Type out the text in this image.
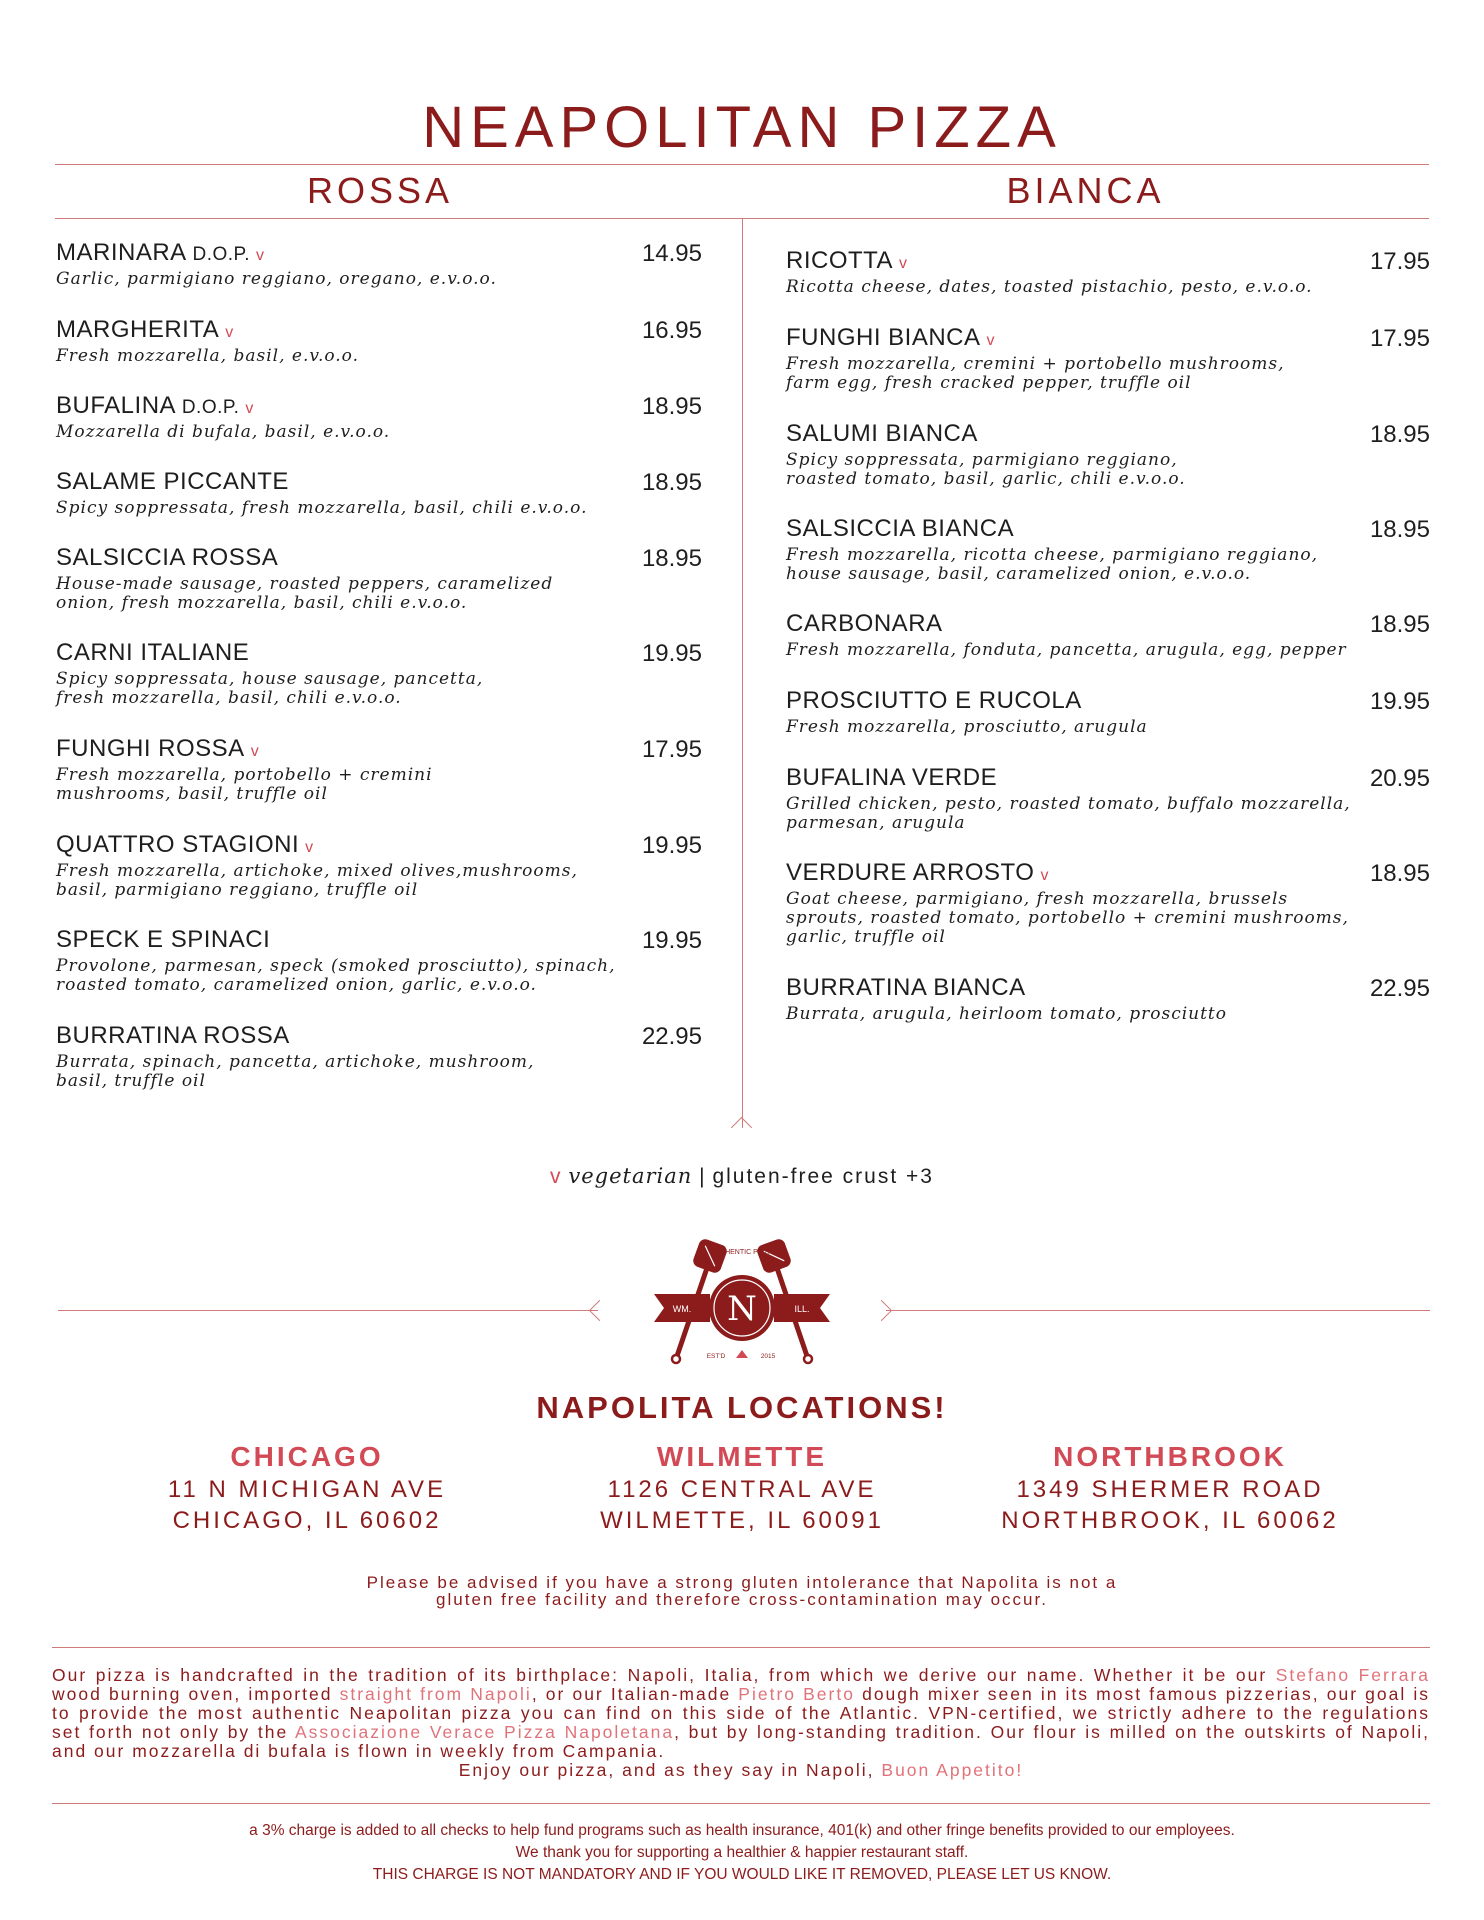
NEAPOLITAN PIZZA
ROSSA	BIANCA
MARINARA D.O.P. v
Garlic, parmigiano reggiano, oregano, e.v.o.o.
14.95
MARGHERITA v
Fresh mozzarella, basil, e.v.o.o.
16.95
BUFALINA D.O.P. v
Mozzarella di bufala, basil, e.v.o.o.
18.95
SALAME PICCANTE
Spicy soppressata, fresh mozzarella, basil, chili e.v.o.o.
18.95
SALSICCIA ROSSA
House-made sausage, roasted peppers, caramelized
onion, fresh mozzarella, basil, chili e.v.o.o.
18.95
CARNI ITALIANE
Spicy soppressata, house sausage, pancetta,
fresh mozzarella, basil, chili e.v.o.o.
19.95
FUNGHI ROSSA v
Fresh mozzarella, portobello + cremini
mushrooms, basil, truffle oil
17.95
QUATTRO STAGIONI v
Fresh mozzarella, artichoke, mixed olives,mushrooms,
basil, parmigiano reggiano, truffle oil
19.95
SPECK E SPINACI
Provolone, parmesan, speck (smoked prosciutto), spinach,
roasted tomato, caramelized onion, garlic, e.v.o.o.
19.95
BURRATINA ROSSA
Burrata, spinach, pancetta, artichoke, mushroom,
basil, truffle oil
22.95
RICOTTA v
Ricotta cheese, dates, toasted pistachio, pesto, e.v.o.o.
17.95
FUNGHI BIANCA v
Fresh mozzarella, cremini + portobello mushrooms,
farm egg, fresh cracked pepper, truffle oil
17.95
SALUMI BIANCA
Spicy soppressata, parmigiano reggiano,
roasted tomato, basil, garlic, chili e.v.o.o.
18.95
SALSICCIA BIANCA
Fresh mozzarella, ricotta cheese, parmigiano reggiano,
house sausage, basil, caramelized onion, e.v.o.o.
18.95
CARBONARA
Fresh mozzarella, fonduta, pancetta, arugula, egg, pepper
18.95
PROSCIUTTO E RUCOLA
Fresh mozzarella, prosciutto, arugula
19.95
BUFALINA VERDE
Grilled chicken, pesto, roasted tomato, buffalo mozzarella,
parmesan, arugula
20.95
VERDURE ARROSTO v
Goat cheese, parmigiano, fresh mozzarella, brussels
sprouts, roasted tomato, portobello + cremini mushrooms,
garlic, truffle oil
18.95
BURRATINA BIANCA
Burrata, arugula, heirloom tomato, prosciutto
22.95
v vegetarian | gluten-free crust +3
N
WM.	ILL.
AUTHENTIC PIZZA
EST'D	2015
NAPOLITA LOCATIONS!
CHICAGO
11 N MICHIGAN AVE
CHICAGO, IL 60602
WILMETTE
1126 CENTRAL AVE
WILMETTE, IL 60091
NORTHBROOK
1349 SHERMER ROAD
NORTHBROOK, IL 60062
Please be advised if you have a strong gluten intolerance that Napolita is not a
gluten free facility and therefore cross-contamination may occur.
Our pizza is handcrafted in the tradition of its birthplace: Napoli, Italia, from which we derive our name. Whether it be our Stefano Ferrara wood burning oven, imported straight from Napoli, or our Italian-made Pietro Berto dough mixer seen in its most famous pizzerias, our goal is to provide the most authentic Neapolitan pizza you can find on this side of the Atlantic. VPN-certified, we strictly adhere to the regulations set forth not only by the Associazione Verace Pizza Napoletana, but by long-standing tradition. Our flour is milled on the outskirts of Napoli, and our mozzarella di bufala is flown in weekly from Campania.
Enjoy our pizza, and as they say in Napoli, Buon Appetito!
a 3% charge is added to all checks to help fund programs such as health insurance, 401(k) and other fringe benefits provided to our employees.
We thank you for supporting a healthier & happier restaurant staff.
THIS CHARGE IS NOT MANDATORY AND IF YOU WOULD LIKE IT REMOVED, PLEASE LET US KNOW.
